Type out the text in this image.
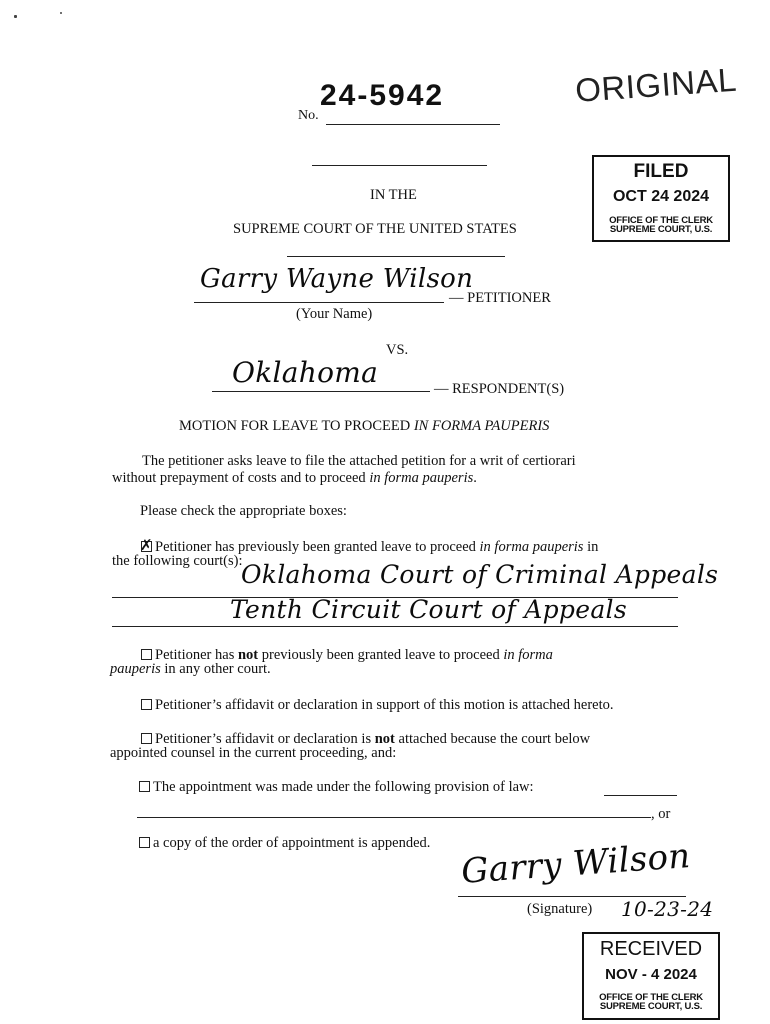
No.
24-5942	ORIGINAL
FILED
OCT 24 2024
OFFICE OF THE CLERK
SUPREME COURT, U.S.
IN THE
SUPREME COURT OF THE UNITED STATES
Garry Wayne Wilson
— PETITIONER
(Your Name)
VS.
Oklahoma	— RESPONDENT(S)
MOTION FOR LEAVE TO PROCEED IN FORMA PAUPERIS
The petitioner asks leave to file the attached petition for a writ of certiorari
without prepayment of costs and to proceed in forma pauperis.
Please check the appropriate boxes:
✗ Petitioner has previously been granted leave to proceed in forma pauperis in
the following court(s):
Oklahoma Court of Criminal Appeals
Tenth Circuit Court of Appeals
Petitioner has not previously been granted leave to proceed in forma
pauperis in any other court.
Petitioner’s affidavit or declaration in support of this motion is attached hereto.
Petitioner’s affidavit or declaration is not attached because the court below
appointed counsel in the current proceeding, and:
The appointment was made under the following provision of law:
, or
a copy of the order of appointment is appended. Garry Wilson
(Signature) 10-23-24
RECEIVED
NOV - 4 2024
OFFICE OF THE CLERK
SUPREME COURT, U.S.
